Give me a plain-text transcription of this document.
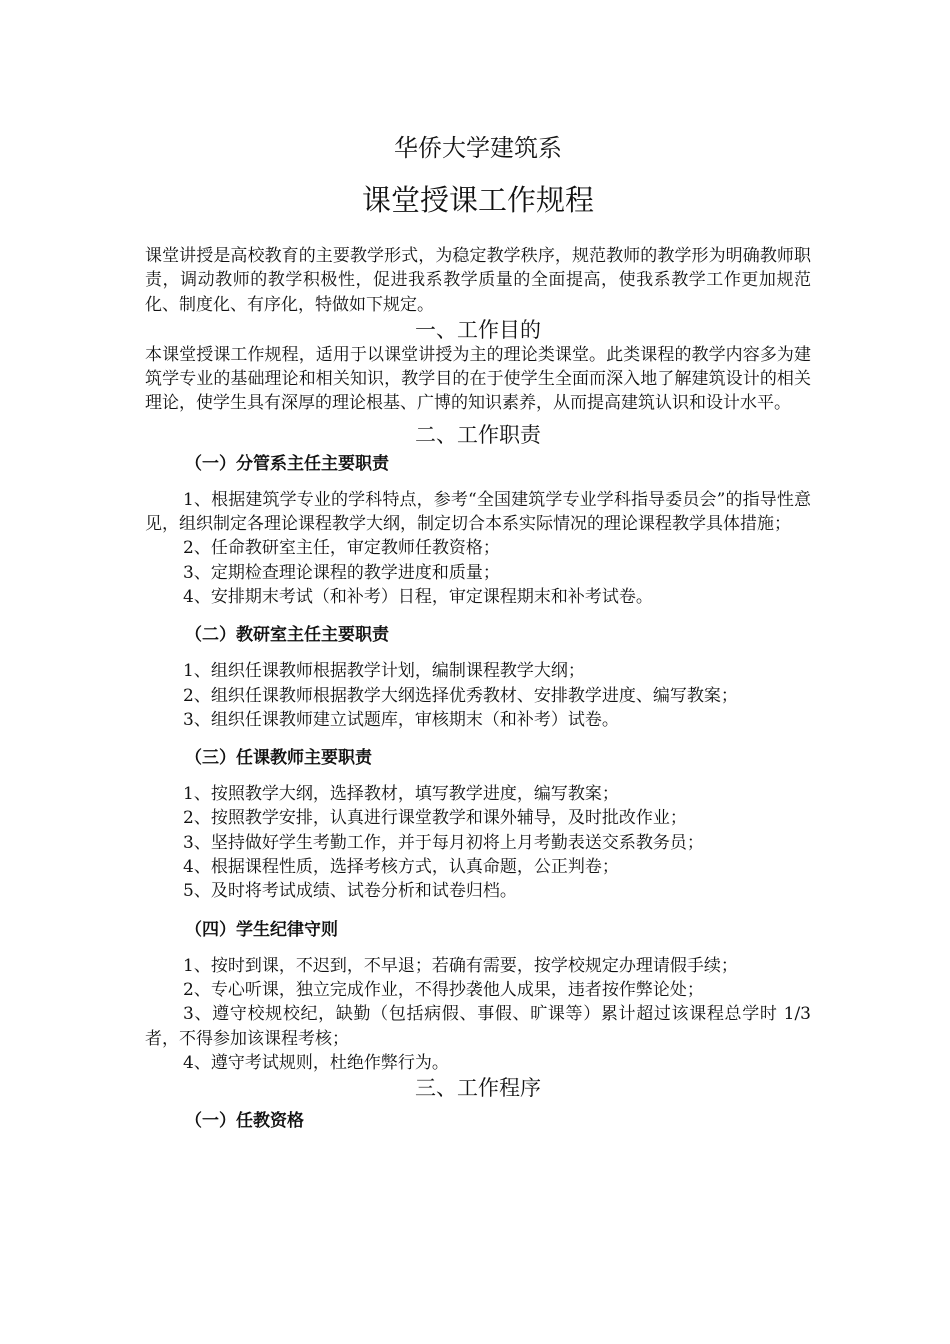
华侨大学建筑系
课堂授课工作规程

课堂讲授是高校教育的主要教学形式，为稳定教学秩序，规范教师的教学形为明确教师职责，调动教师的教学积极性，促进我系教学质量的全面提高，使我系教学工作更加规范化、制度化、有序化，特做如下规定。

一、工作目的

本课堂授课工作规程，适用于以课堂讲授为主的理论类课堂。此类课程的教学内容多为建筑学专业的基础理论和相关知识，教学目的在于使学生全面而深入地了解建筑设计的相关理论，使学生具有深厚的理论根基、广博的知识素养，从而提高建筑认识和设计水平。

二、工作职责
（一）分管系主任主要职责

1、根据建筑学专业的学科特点，参考“全国建筑学专业学科指导委员会”的指导性意见，组织制定各理论课程教学大纲，制定切合本系实际情况的理论课程教学具体措施；

2、任命教研室主任，审定教师任教资格；

3、定期检查理论课程的教学进度和质量；

4、安排期末考试（和补考）日程，审定课程期末和补考试卷。

（二）教研室主任主要职责

1、组织任课教师根据教学计划，编制课程教学大纲；

2、组织任课教师根据教学大纲选择优秀教材、安排教学进度、编写教案；

3、组织任课教师建立试题库，审核期末（和补考）试卷。

（三）任课教师主要职责

1、按照教学大纲，选择教材，填写教学进度，编写教案；

2、按照教学安排，认真进行课堂教学和课外辅导，及时批改作业；

3、坚持做好学生考勤工作，并于每月初将上月考勤表送交系教务员；

4、根据课程性质，选择考核方式，认真命题，公正判卷；

5、及时将考试成绩、试卷分析和试卷归档。

（四）学生纪律守则

1、按时到课，不迟到，不早退；若确有需要，按学校规定办理请假手续；

2、专心听课，独立完成作业，不得抄袭他人成果，违者按作弊论处；

3、遵守校规校纪，缺勤（包括病假、事假、旷课等）累计超过该课程总学时 1/3 者，不得参加该课程考核；

4、遵守考试规则，杜绝作弊行为。

三、工作程序
（一）任教资格
